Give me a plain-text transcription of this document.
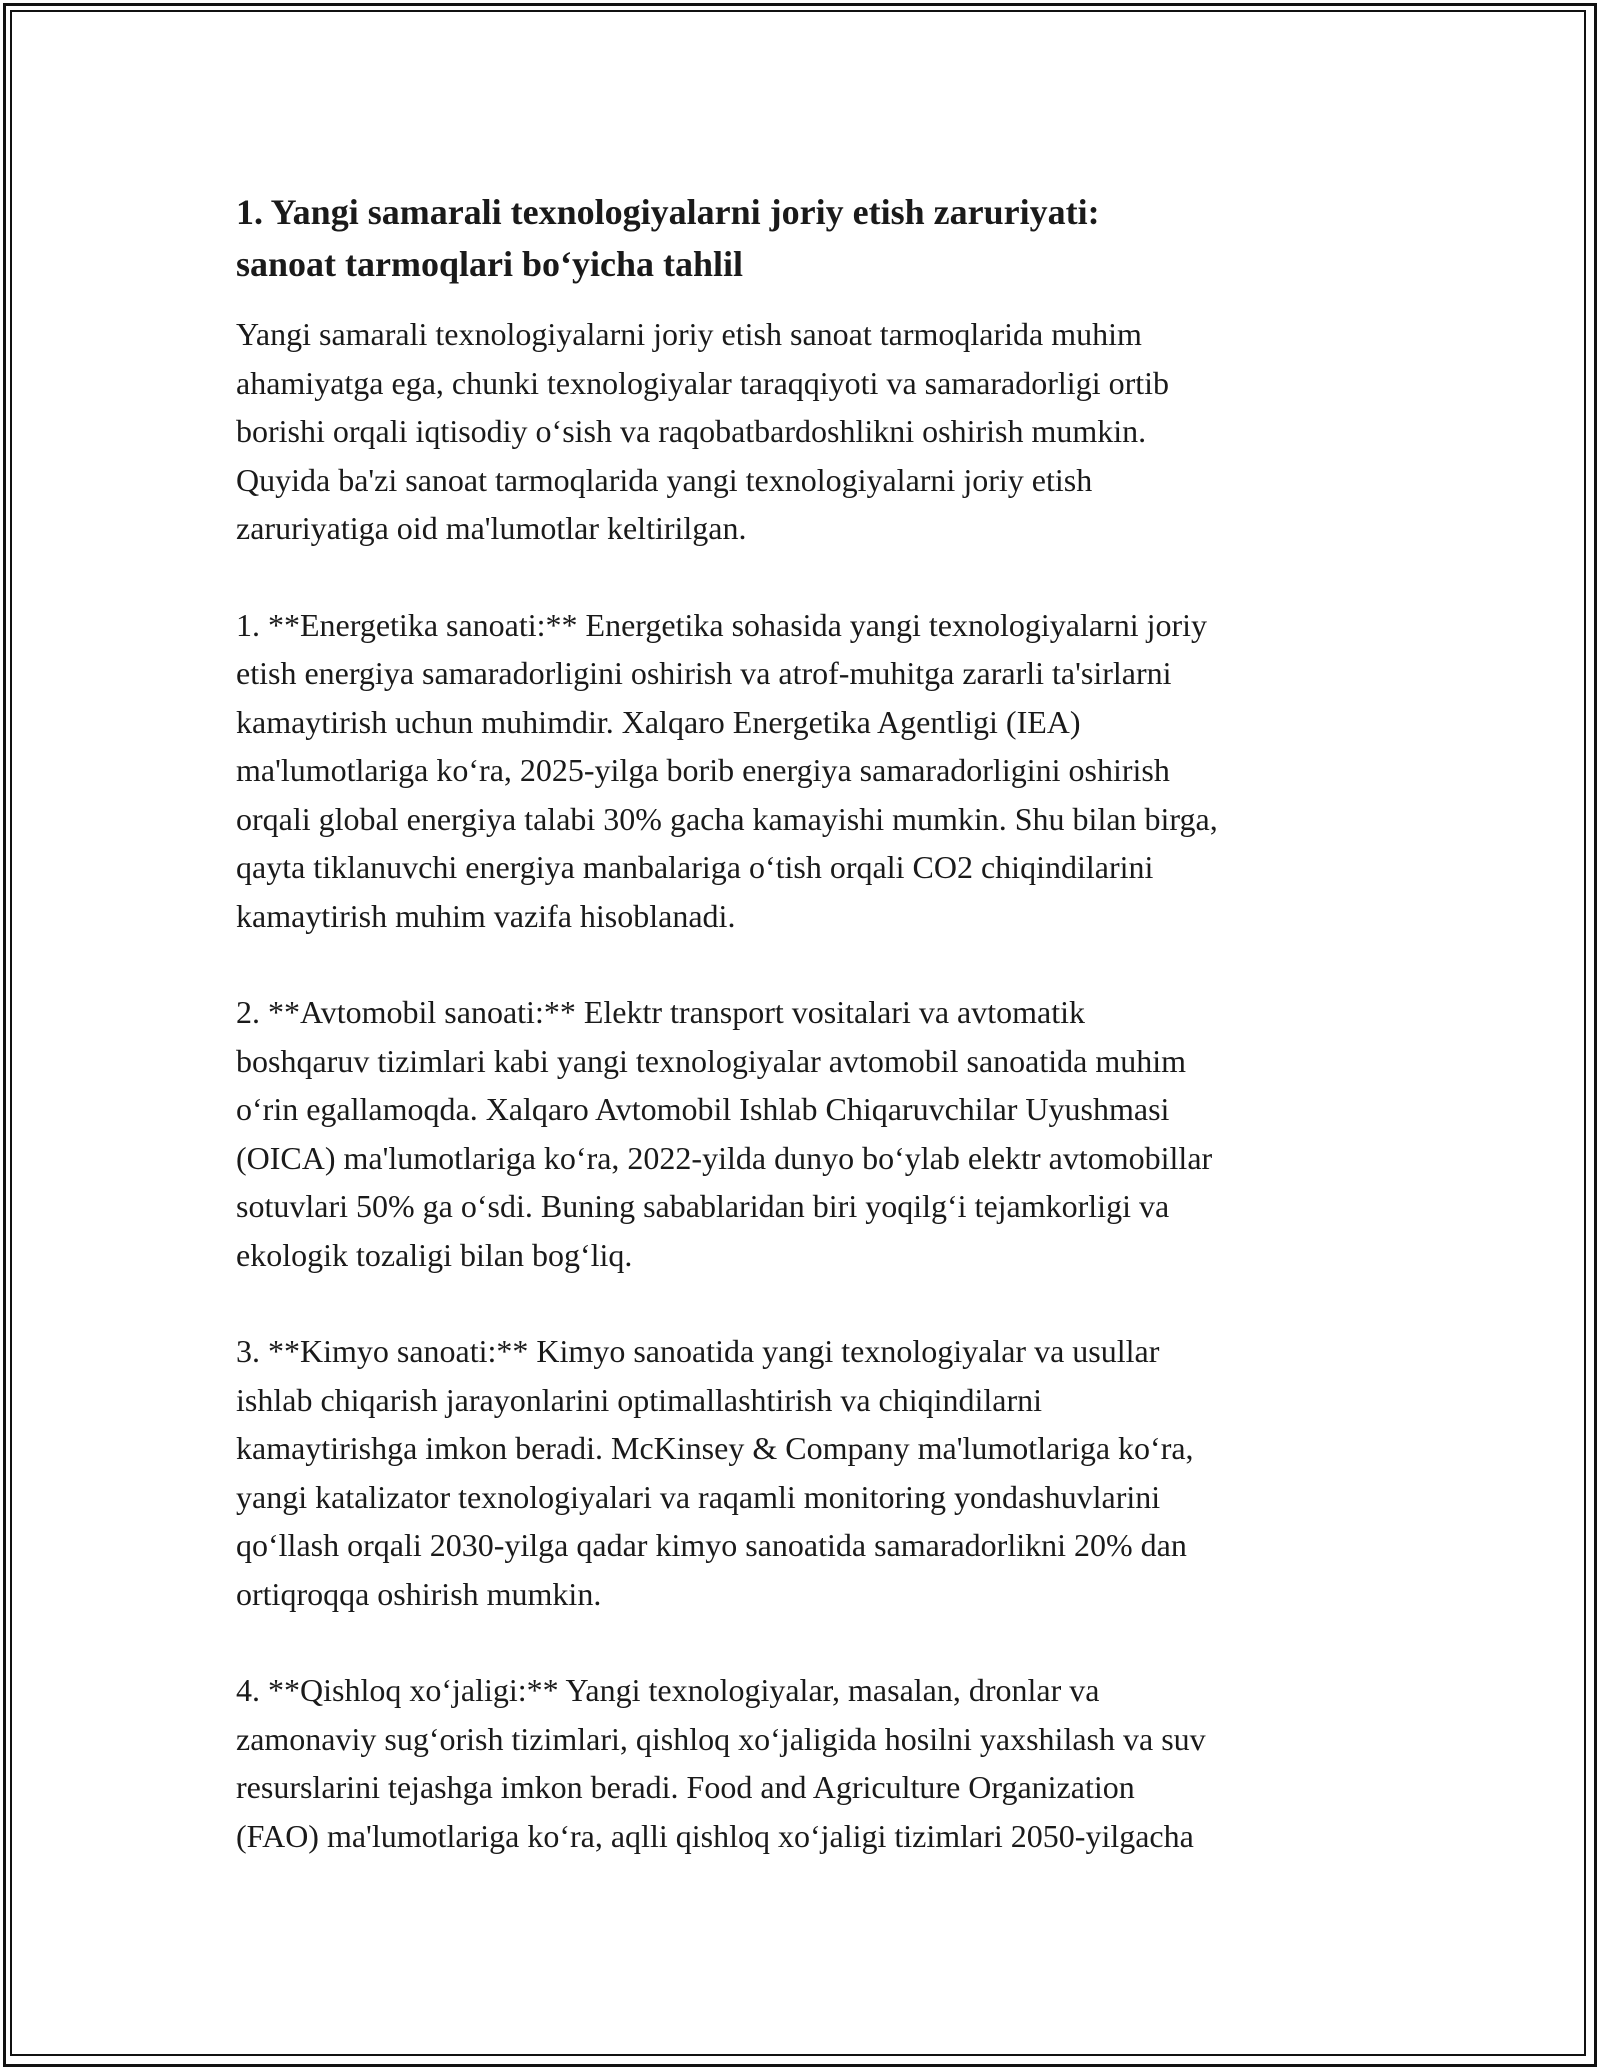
1. Yangi samarali texnologiyalarni joriy etish zaruriyati:
sanoat tarmoqlari bo‘yicha tahlil
Yangi samarali texnologiyalarni joriy etish sanoat tarmoqlarida muhim
ahamiyatga ega, chunki texnologiyalar taraqqiyoti va samaradorligi ortib
borishi orqali iqtisodiy o‘sish va raqobatbardoshlikni oshirish mumkin.
Quyida ba'zi sanoat tarmoqlarida yangi texnologiyalarni joriy etish
zaruriyatiga oid ma'lumotlar keltirilgan.
1. **Energetika sanoati:** Energetika sohasida yangi texnologiyalarni joriy
etish energiya samaradorligini oshirish va atrof-muhitga zararli ta'sirlarni
kamaytirish uchun muhimdir. Xalqaro Energetika Agentligi (IEA)
ma'lumotlariga ko‘ra, 2025-yilga borib energiya samaradorligini oshirish
orqali global energiya talabi 30% gacha kamayishi mumkin. Shu bilan birga,
qayta tiklanuvchi energiya manbalariga o‘tish orqali CO2 chiqindilarini
kamaytirish muhim vazifa hisoblanadi.
2. **Avtomobil sanoati:** Elektr transport vositalari va avtomatik
boshqaruv tizimlari kabi yangi texnologiyalar avtomobil sanoatida muhim
o‘rin egallamoqda. Xalqaro Avtomobil Ishlab Chiqaruvchilar Uyushmasi
(OICA) ma'lumotlariga ko‘ra, 2022-yilda dunyo bo‘ylab elektr avtomobillar
sotuvlari 50% ga o‘sdi. Buning sabablaridan biri yoqilg‘i tejamkorligi va
ekologik tozaligi bilan bog‘liq.
3. **Kimyo sanoati:** Kimyo sanoatida yangi texnologiyalar va usullar
ishlab chiqarish jarayonlarini optimallashtirish va chiqindilarni
kamaytirishga imkon beradi. McKinsey & Company ma'lumotlariga ko‘ra,
yangi katalizator texnologiyalari va raqamli monitoring yondashuvlarini
qo‘llash orqali 2030-yilga qadar kimyo sanoatida samaradorlikni 20% dan
ortiqroqqa oshirish mumkin.
4. **Qishloq xo‘jaligi:** Yangi texnologiyalar, masalan, dronlar va
zamonaviy sug‘orish tizimlari, qishloq xo‘jaligida hosilni yaxshilash va suv
resurslarini tejashga imkon beradi. Food and Agriculture Organization
(FAO) ma'lumotlariga ko‘ra, aqlli qishloq xo‘jaligi tizimlari 2050-yilgacha
